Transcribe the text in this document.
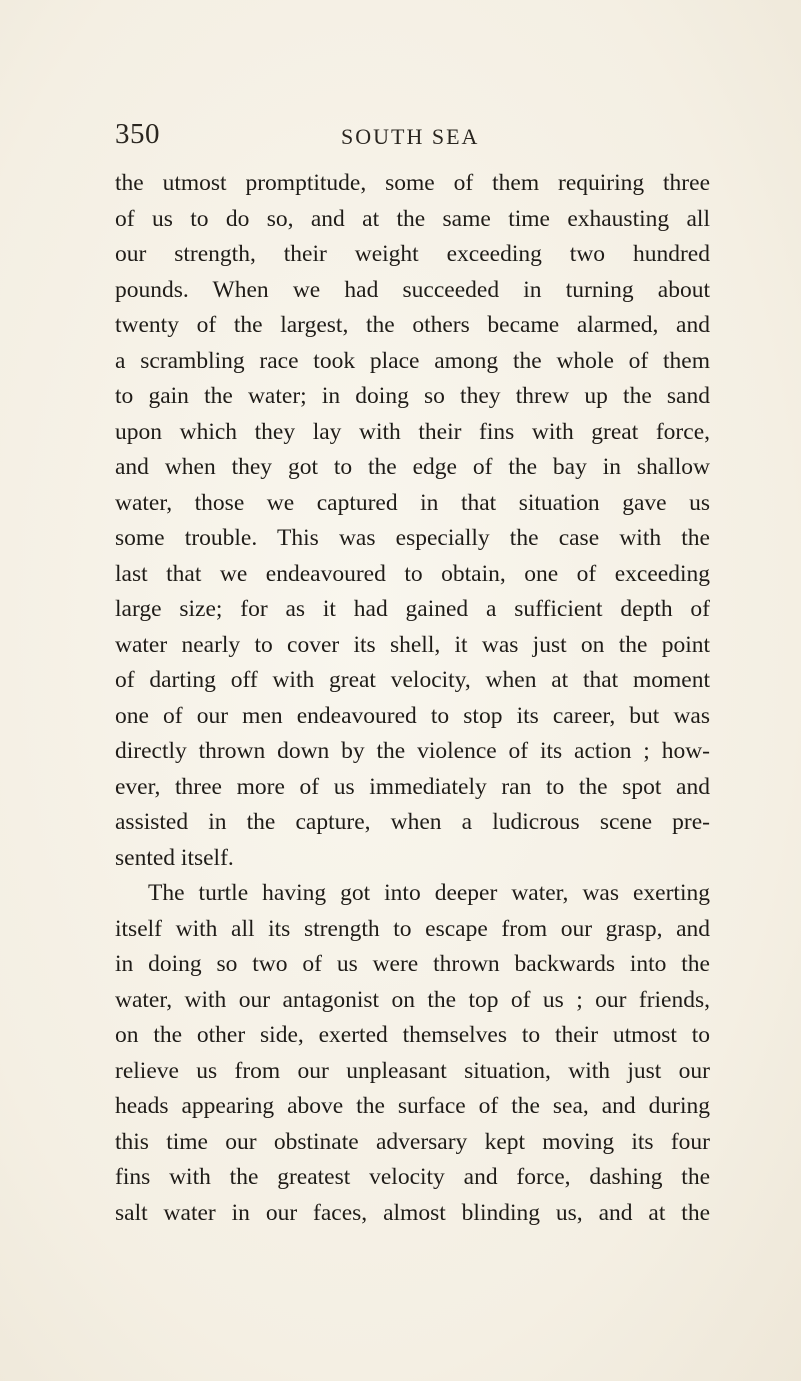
350	SOUTH SEA
the utmost promptitude, some of them requiring three
of us to do so, and at the same time exhausting all
our strength, their weight exceeding two hundred
pounds. When we had succeeded in turning about
twenty of the largest, the others became alarmed, and
a scrambling race took place among the whole of them
to gain the water; in doing so they threw up the sand
upon which they lay with their fins with great force,
and when they got to the edge of the bay in shallow
water, those we captured in that situation gave us
some trouble. This was especially the case with the
last that we endeavoured to obtain, one of exceeding
large size; for as it had gained a sufficient depth of
water nearly to cover its shell, it was just on the point
of darting off with great velocity, when at that moment
one of our men endeavoured to stop its career, but was
directly thrown down by the violence of its action ; how-
ever, three more of us immediately ran to the spot and
assisted in the capture, when a ludicrous scene pre-
sented itself.
The turtle having got into deeper water, was exerting
itself with all its strength to escape from our grasp, and
in doing so two of us were thrown backwards into the
water, with our antagonist on the top of us ; our friends,
on the other side, exerted themselves to their utmost to
relieve us from our unpleasant situation, with just our
heads appearing above the surface of the sea, and during
this time our obstinate adversary kept moving its four
fins with the greatest velocity and force, dashing the
salt water in our faces, almost blinding us, and at the
